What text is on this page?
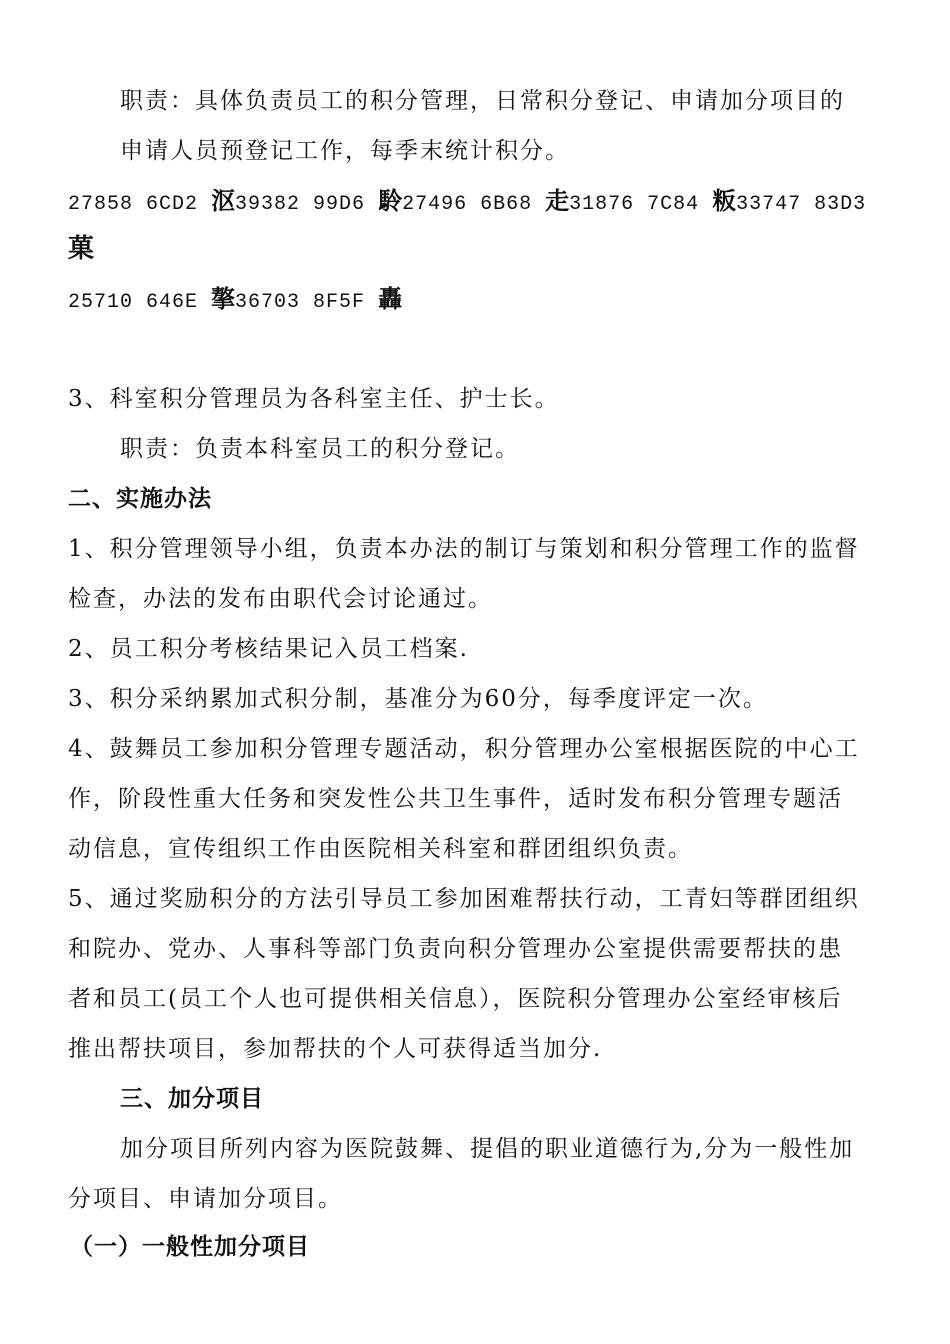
职责：具体负责员工的积分管理，日常积分登记、申请加分项目的

申请人员预登记工作，每季末统计积分。

27858 6CD2 沤39382 99D6 駖27496 6B68 走31876 7C84 粄33747 83D3

菓

25710 646E 摮36703 8F5F 轟

3、科室积分管理员为各科室主任、护士长。

职责：负责本科室员工的积分登记。

二、实施办法

1、积分管理领导小组，负责本办法的制订与策划和积分管理工作的监督

检查，办法的发布由职代会讨论通过。

2、员工积分考核结果记入员工档案.

3、积分采纳累加式积分制，基准分为60分，每季度评定一次。

4、鼓舞员工参加积分管理专题活动，积分管理办公室根据医院的中心工

作，阶段性重大任务和突发性公共卫生事件，适时发布积分管理专题活

动信息，宣传组织工作由医院相关科室和群团组织负责。

5、通过奖励积分的方法引导员工参加困难帮扶行动，工青妇等群团组织

和院办、党办、人事科等部门负责向积分管理办公室提供需要帮扶的患

者和员工(员工个人也可提供相关信息），医院积分管理办公室经审核后

推出帮扶项目，参加帮扶的个人可获得适当加分.

三、加分项目

加分项目所列内容为医院鼓舞、提倡的职业道德行为,分为一般性加

分项目、申请加分项目。

（一）一般性加分项目
